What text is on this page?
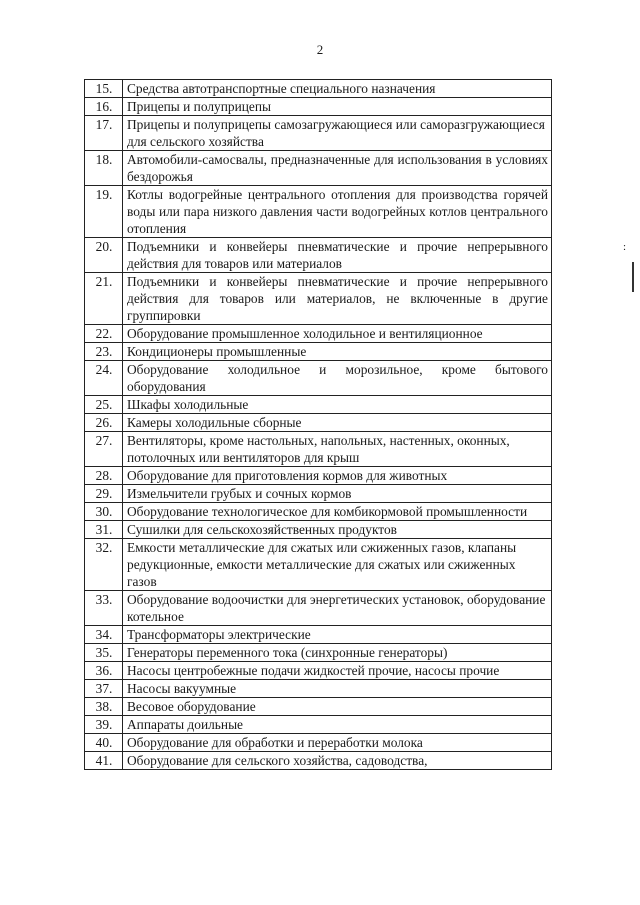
2
15.	Средства автотранспортные специального назначения
16.	Прицепы и полуприцепы
17.	Прицепы и полуприцепы самозагружающиеся или саморазгружающиеся для сельского хозяйства
18.	Автомобили-самосвалы, предназначенные для использования в условиях бездорожья
19.	Котлы водогрейные центрального отопления для производства горячей воды или пара низкого давления части водогрейных котлов центрального отопления
20.	Подъемники и конвейеры пневматические и прочие непрерывного действия для товаров или материалов
21.	Подъемники и конвейеры пневматические и прочие непрерывного действия для товаров или материалов, не включенные в другие группировки
22.	Оборудование промышленное холодильное и вентиляционное
23.	Кондиционеры промышленные
24.	Оборудование холодильное и морозильное, кроме бытового оборудования
25.	Шкафы холодильные
26.	Камеры холодильные сборные
27.	Вентиляторы, кроме настольных, напольных, настенных, оконных, потолочных или вентиляторов для крыш
28.	Оборудование для приготовления кормов для животных
29.	Измельчители грубых и сочных кормов
30.	Оборудование технологическое для комбикормовой промышленности
31.	Сушилки для сельскохозяйственных продуктов
32.	Емкости металлические для сжатых или сжиженных газов, клапаны редукционные, емкости металлические для сжатых или сжиженных газов
33.	Оборудование водоочистки для энергетических установок, оборудование котельное
34.	Трансформаторы электрические
35.	Генераторы переменного тока (синхронные генераторы)
36.	Насосы центробежные подачи жидкостей прочие, насосы прочие
37.	Насосы вакуумные
38.	Весовое оборудование
39.	Аппараты доильные
40.	Оборудование для обработки и переработки молока
41.	Оборудование для сельского хозяйства, садоводства,
:
